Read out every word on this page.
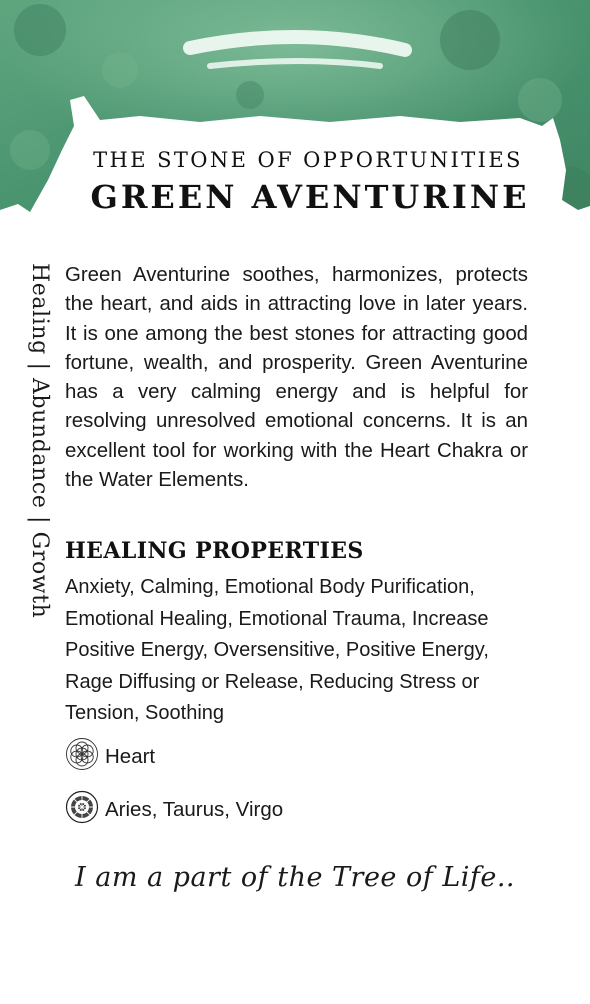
THE STONE OF OPPORTUNITIES
GREEN AVENTURINE
Healing | Abundance | Growth Green Aventurine soothes, harmonizes, protects the heart, and aids in attracting love in later years. It is one among the best stones for attracting good fortune, wealth, and prosperity. Green Aventurine has a very calming energy and is helpful for resolving unresolved emotional concerns. It is an excellent tool for working with the Heart Chakra or the Water Elements.
HEALING PROPERTIES
Anxiety, Calming, Emotional Body Purification, Emotional Healing, Emotional Trauma, Increase Positive Energy, Oversensitive, Positive Energy, Rage Diffusing or Release, Reducing Stress or Tension, Soothing
Heart
Aries, Taurus, Virgo
I am a part of the Tree of Life..
